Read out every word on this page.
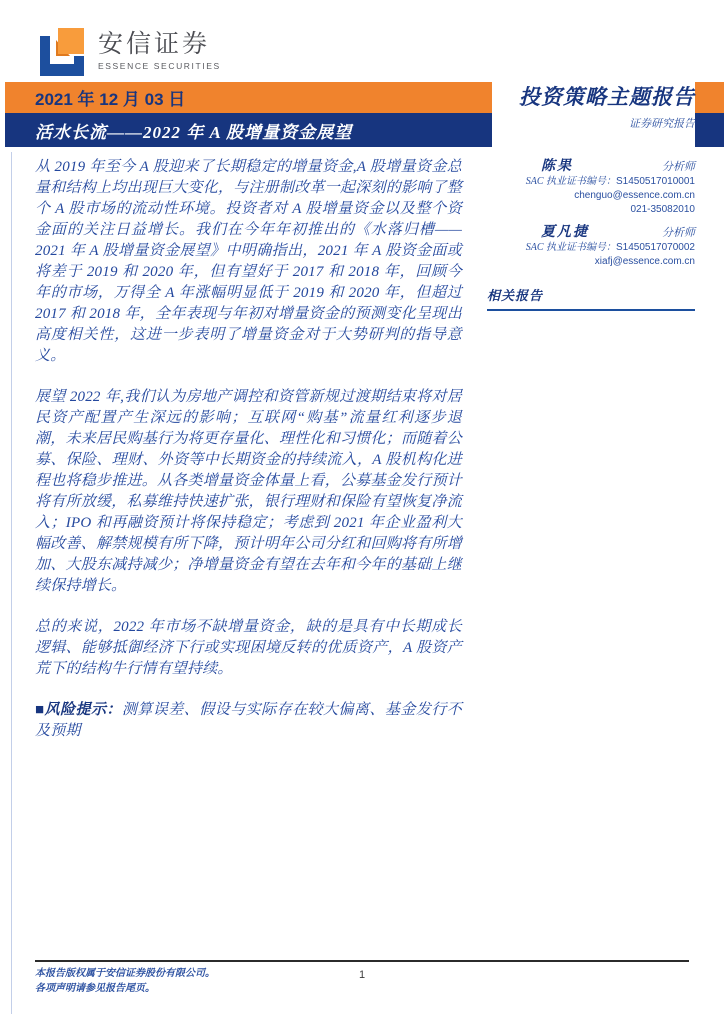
安信证券
ESSENCE SECURITIES
2021 年 12 月 03 日
活水长流——2022 年 A 股增量资金展望
投资策略主题报告
证券研究报告
陈果	分析师
SAC 执业证书编号：S1450517010001
chenguo@essence.com.cn
021-35082010
夏凡捷	分析师
SAC 执业证书编号：S1450517070002
xiafj@essence.com.cn
相关报告

从 2019 年至今 A 股迎来了长期稳定的增量资金,A 股增量资金总量和结构上均出现巨大变化，与注册制改革一起深刻的影响了整个 A 股市场的流动性环境。投资者对 A 股增量资金以及整个资金面的关注日益增长。我们在今年年初推出的《水落归槽——2021 年 A 股增量资金展望》中明确指出，2021 年 A 股资金面或将差于 2019 和 2020 年，但有望好于 2017 和 2018 年，回顾今年的市场，万得全 A 年涨幅明显低于 2019 和 2020 年，但超过 2017 和 2018 年，全年表现与年初对增量资金的预测变化呈现出高度相关性，这进一步表明了增量资金对于大势研判的指导意义。

展望 2022 年,我们认为房地产调控和资管新规过渡期结束将对居民资产配置产生深远的影响；互联网“购基”流量红利逐步退潮，未来居民购基行为将更存量化、理性化和习惯化；而随着公募、保险、理财、外资等中长期资金的持续流入，A 股机构化进程也将稳步推进。从各类增量资金体量上看，公募基金发行预计将有所放缓，私募维持快速扩张，银行理财和保险有望恢复净流入；IPO 和再融资预计将保持稳定；考虑到 2021 年企业盈利大幅改善、解禁规模有所下降，预计明年公司分红和回购将有所增加、大股东减持减少；净增量资金有望在去年和今年的基础上继续保持增长。

总的来说，2022 年市场不缺增量资金，缺的是具有中长期成长逻辑、能够抵御经济下行或实现困境反转的优质资产，A 股资产荒下的结构牛行情有望持续。

■风险提示：测算误差、假设与实际存在较大偏离、基金发行不及预期

本报告版权属于安信证券股份有限公司。
各项声明请参见报告尾页。
1
